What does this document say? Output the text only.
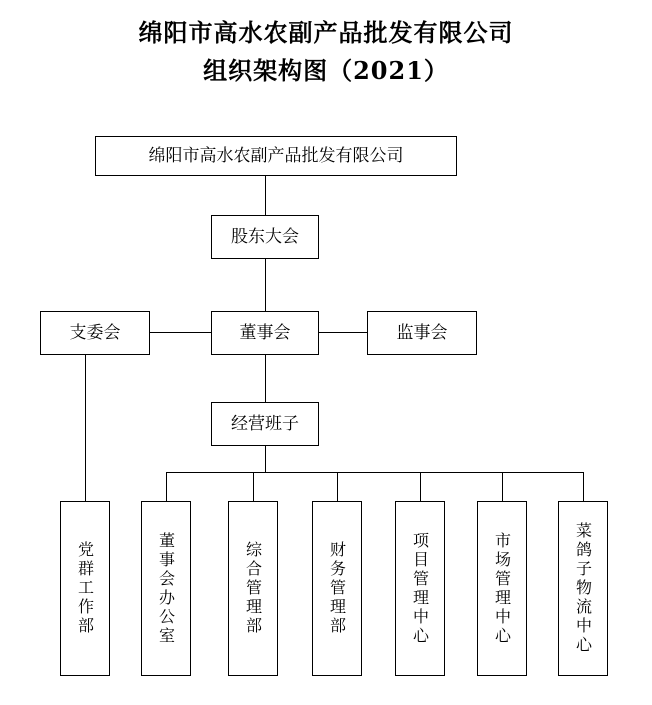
绵阳市高水农副产品批发有限公司
组织架构图（2021）
绵阳市高水农副产品批发有限公司
股东大会
支委会	董事会	监事会
经营班子
党群工作部	董事会办公室	综合管理部	财务管理部	项目管理中心	市场管理中心	菜鸽子物流中心
